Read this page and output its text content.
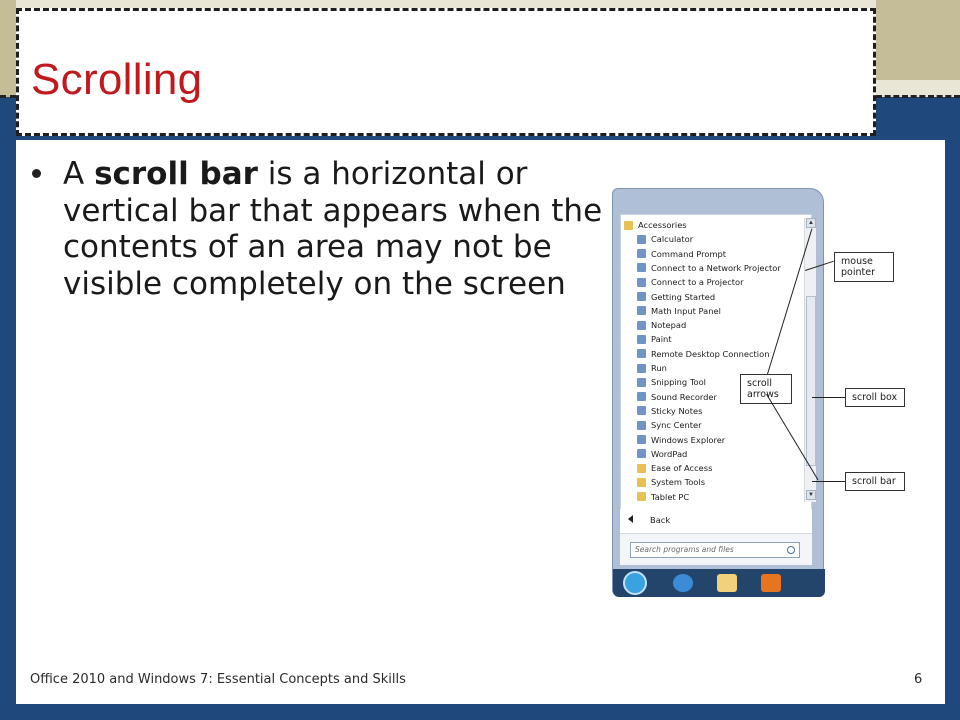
Scrolling
A scroll bar is a horizontal or vertical bar that appears when the contents of an area may not be visible completely on the screen
▲
▼
Accessories
Calculator
Command Prompt
Connect to a Network Projector
Connect to a Projector
Getting Started
Math Input Panel
Notepad
Paint
Remote Desktop Connection
Run
Snipping Tool
Sound Recorder
Sticky Notes
Sync Center
Windows Explorer
WordPad
Ease of Access
System Tools
Tablet PC
Back
Search programs and files
mouse pointer
scroll arrows	scroll box
scroll bar
Office 2010 and Windows 7: Essential Concepts and Skills	6
